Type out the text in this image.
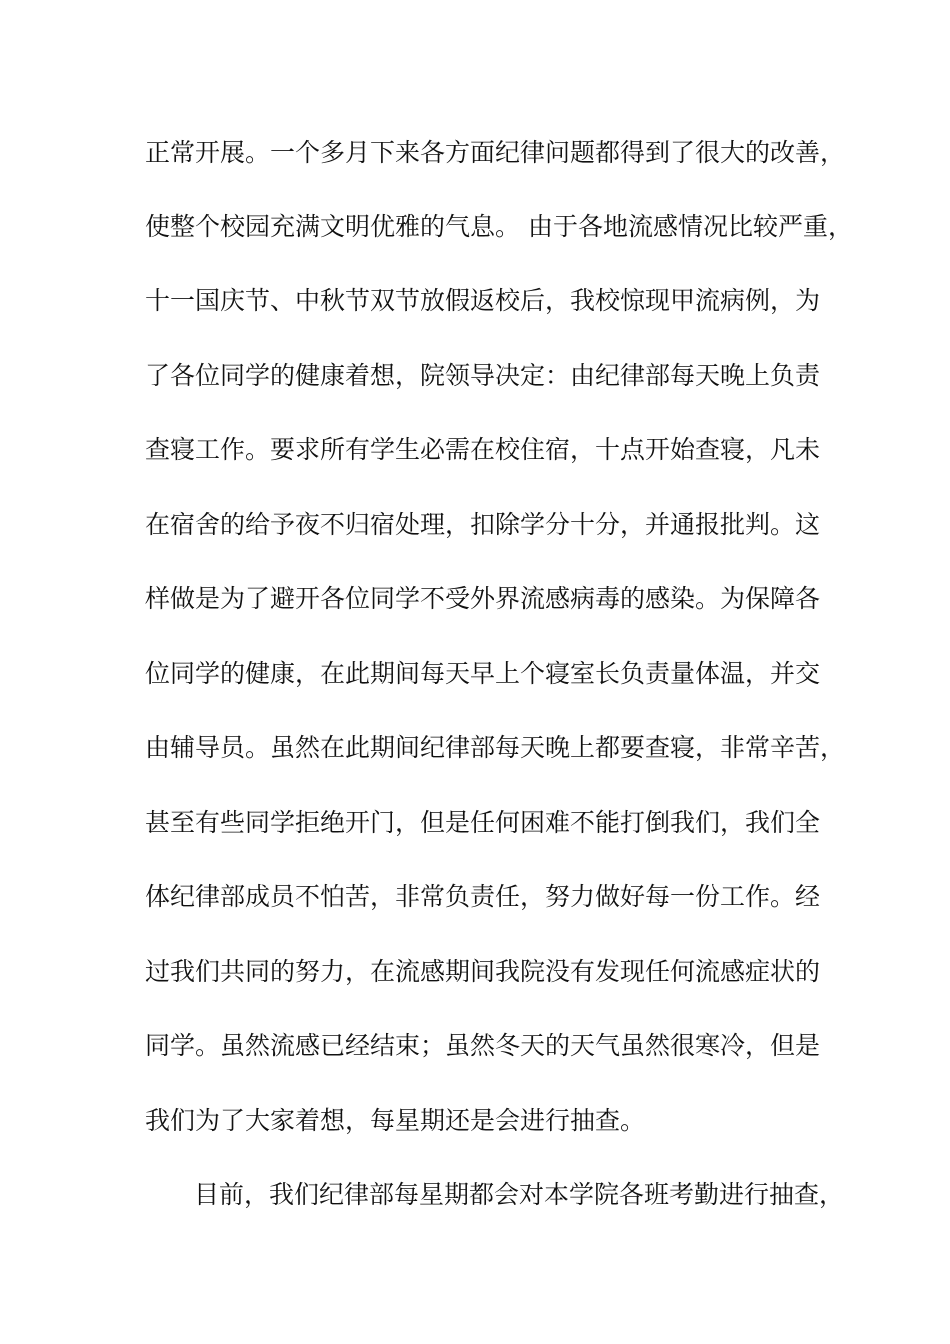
正常开展。一个多月下来各方面纪律问题都得到了很大的改善，
使整个校园充满文明优雅的气息。 由于各地流感情况比较严重，
十一国庆节、中秋节双节放假返校后，我校惊现甲流病例，为
了各位同学的健康着想，院领导决定：由纪律部每天晚上负责
查寝工作。要求所有学生必需在校住宿，十点开始查寝，凡未
在宿舍的给予夜不归宿处理，扣除学分十分，并通报批判。这
样做是为了避开各位同学不受外界流感病毒的感染。为保障各
位同学的健康，在此期间每天早上个寝室长负责量体温，并交
由辅导员。虽然在此期间纪律部每天晚上都要查寝，非常辛苦，
甚至有些同学拒绝开门，但是任何困难不能打倒我们，我们全
体纪律部成员不怕苦，非常负责任，努力做好每一份工作。经
过我们共同的努力，在流感期间我院没有发现任何流感症状的
同学。虽然流感已经结束；虽然冬天的天气虽然很寒冷，但是
我们为了大家着想，每星期还是会进行抽查。
目前，我们纪律部每星期都会对本学院各班考勤进行抽查，
